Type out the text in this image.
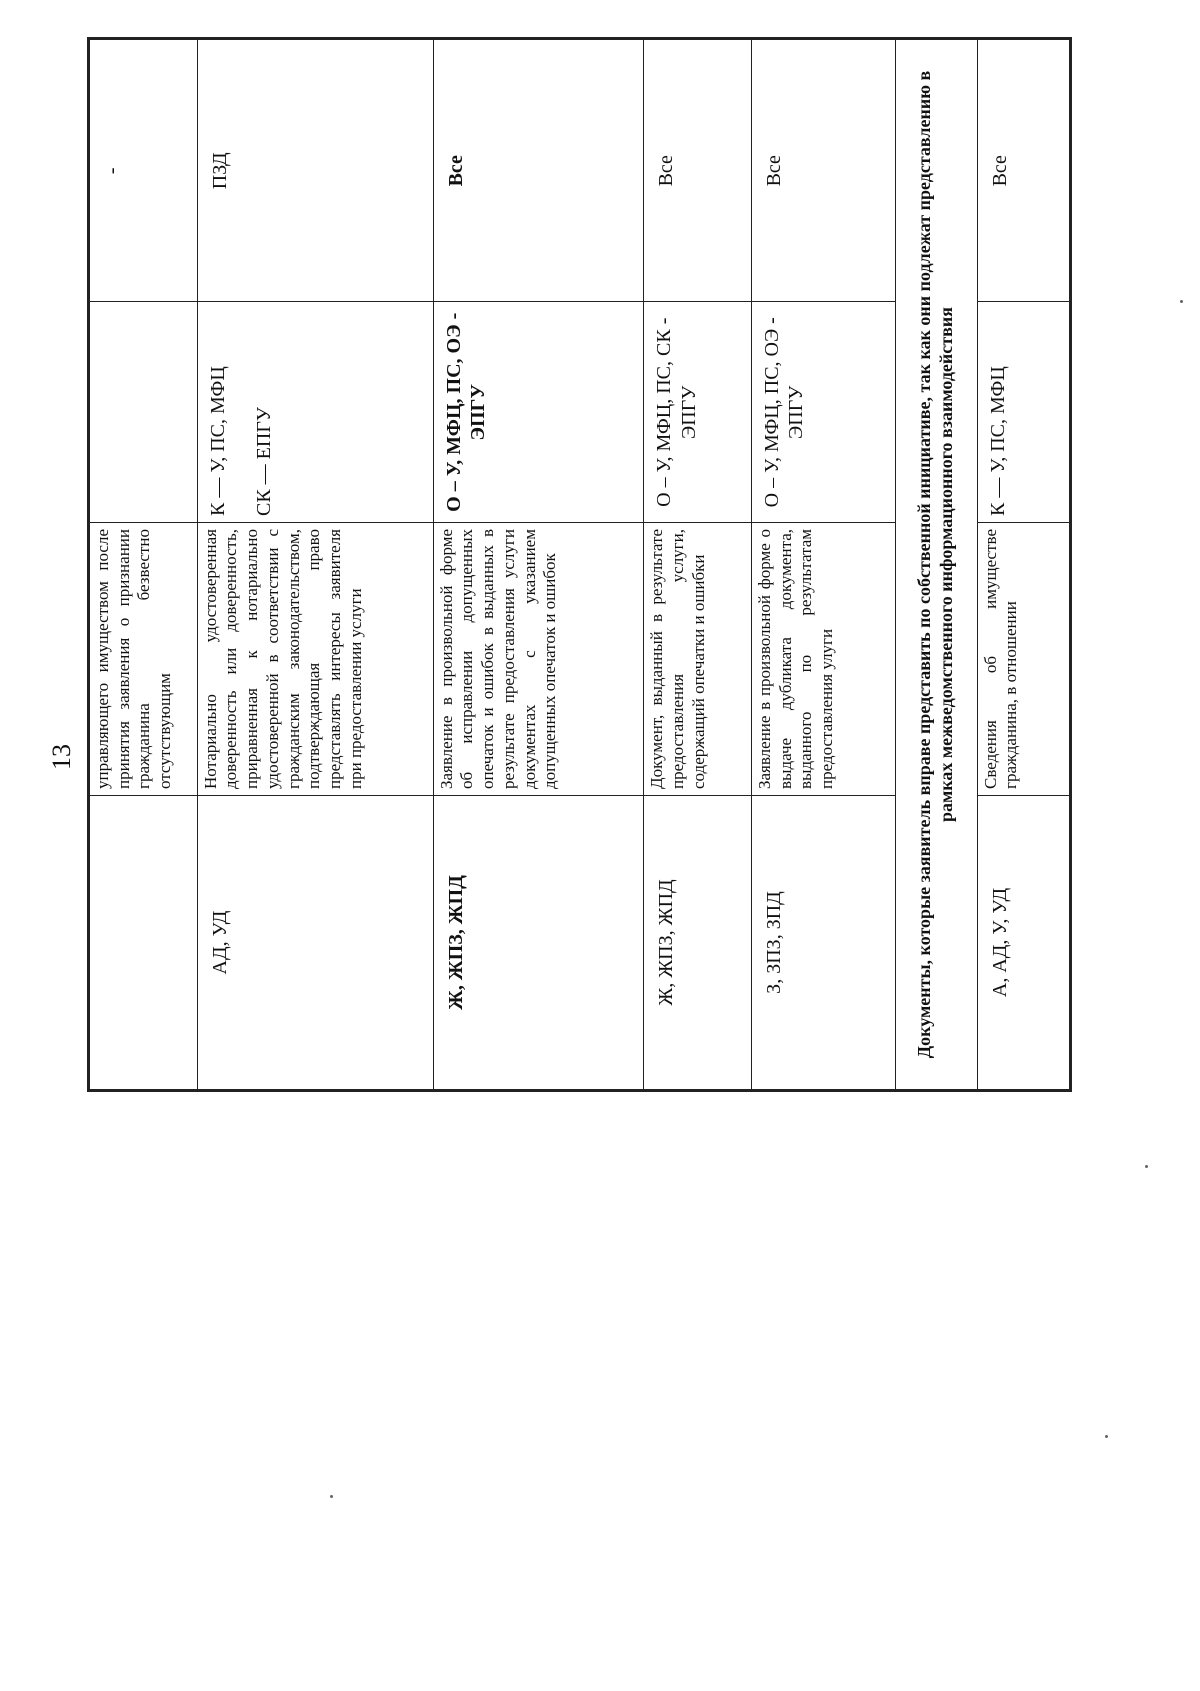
13
	управляющего имуществом после принятия заявления о признании гражданина безвестно отсутствующим		-
АД, УД	Нотариально удостоверенная доверенность или доверенность, приравненная к нотариально удостоверенной в соответствии с гражданским законодательством, подтверждающая право представлять интересы заявителя при предоставлении услуги	К — У, ПС, МФЦ СК — ЕПГУ	ПЗД
Ж, ЖПЗ, ЖПД	Заявление в произвольной форме об исправлении допущенных опечаток и ошибок в выданных в результате предоставления услуги документах с указанием допущенных опечаток и ошибок	О – У, МФЦ, ПС, ОЭ - ЭПГУ	Все
Ж, ЖПЗ, ЖПД	Документ, выданный в результате предоставления услуги, содержащий опечатки и ошибки	О – У, МФЦ, ПС, СК - ЭПГУ	Все
З, ЗПЗ, ЗПД	Заявление в произвольной форме о выдаче дубликата документа, выданного по результатам предоставления улуги	О – У, МФЦ, ПС, ОЭ - ЭПГУ	Все

Документы, которые заявитель вправе представить по собственной инициативе, так как они подлежат представлению в рамках межведомственного информационного взаимодействия			

А, АД, У, УД	Сведения об имуществе гражданина, в отношении	К — У, ПС, МФЦ	Все
